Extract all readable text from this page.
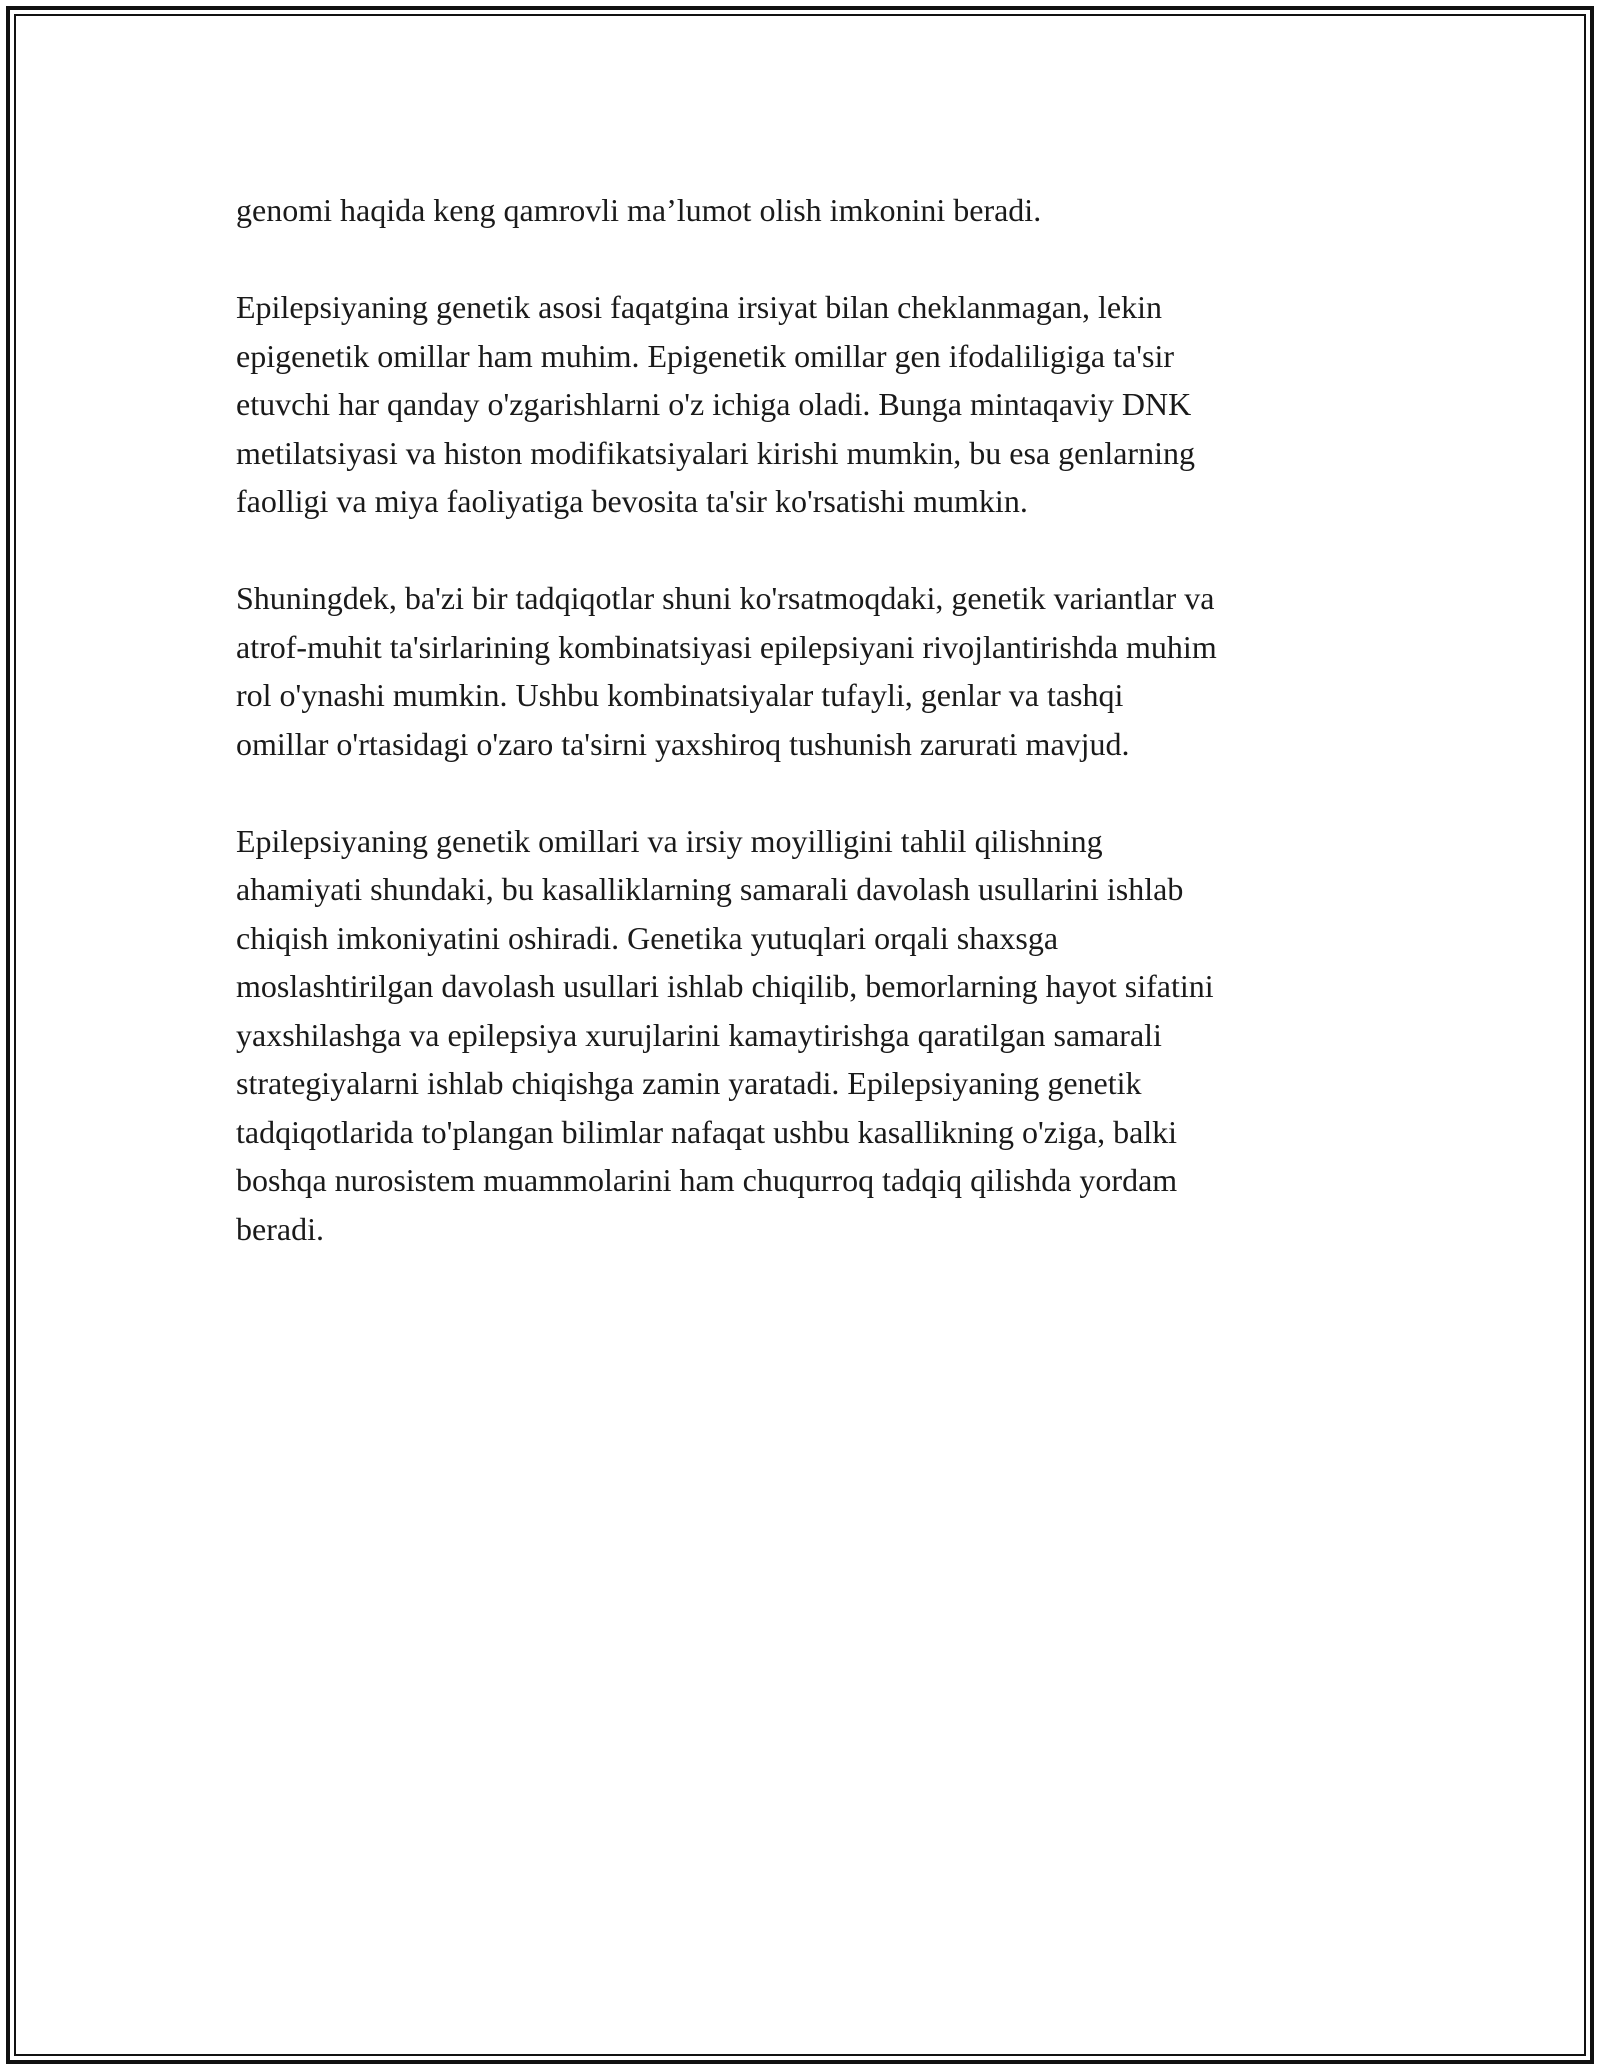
genomi haqida keng qamrovli ma’lumot olish imkonini beradi.

Epilepsiyaning genetik asosi faqatgina irsiyat bilan cheklanmagan, lekin
epigenetik omillar ham muhim. Epigenetik omillar gen ifodaliligiga ta'sir
etuvchi har qanday o'zgarishlarni o'z ichiga oladi. Bunga mintaqaviy DNK
metilatsiyasi va histon modifikatsiyalari kirishi mumkin, bu esa genlarning
faolligi va miya faoliyatiga bevosita ta'sir ko'rsatishi mumkin.

Shuningdek, ba'zi bir tadqiqotlar shuni ko'rsatmoqdaki, genetik variantlar va
atrof-muhit ta'sirlarining kombinatsiyasi epilepsiyani rivojlantirishda muhim
rol o'ynashi mumkin. Ushbu kombinatsiyalar tufayli, genlar va tashqi
omillar o'rtasidagi o'zaro ta'sirni yaxshiroq tushunish zarurati mavjud.

Epilepsiyaning genetik omillari va irsiy moyilligini tahlil qilishning
ahamiyati shundaki, bu kasalliklarning samarali davolash usullarini ishlab
chiqish imkoniyatini oshiradi. Genetika yutuqlari orqali shaxsga
moslashtirilgan davolash usullari ishlab chiqilib, bemorlarning hayot sifatini
yaxshilashga va epilepsiya xurujlarini kamaytirishga qaratilgan samarali
strategiyalarni ishlab chiqishga zamin yaratadi. Epilepsiyaning genetik
tadqiqotlarida to'plangan bilimlar nafaqat ushbu kasallikning o'ziga, balki
boshqa nurosistem muammolarini ham chuqurroq tadqiq qilishda yordam
beradi.
